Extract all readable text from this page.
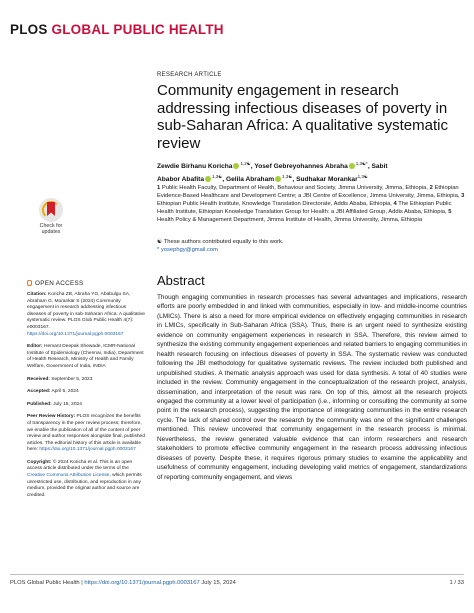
PLOS GLOBAL PUBLIC HEALTH
RESEARCH ARTICLE
Community engagement in research addressing infectious diseases of poverty in sub-Saharan Africa: A qualitative systematic review
Zewdie Birhanu Koricha $^{1,2☯}$, Yosef Gebreyohannes Abraha $^{1,3☯*}$, Sabit
Ababor Abafita $^{1,3☯}$, Gelila Abraham $^{1,3☯}$, Sudhakar Morankar$^{1,3☯}$
1 Public Health Faculty, Department of Health, Behaviour and Society, Jimma University, Jimma, Ethiopia, 2 Ethiopian Evidence-Based Healthcare and Development Centre; a JBI Centre of Excellence, Jimma University, Jimma, Ethiopia, 3 Ethiopian Public Health Institute, Knowledge Translation Directorate, Addis Ababa, Ethiopia, 4 The Ethiopian Public Health Institute, Ethiopian Knowledge Translation Group for Health: a JBI Affiliated Group, Addis Ababa, Ethiopia, 5 Health Policy & Management Department, Jimma Institute of Health, Jimma University, Jimma, Ethiopia
☯ These authors contributed equally to this work.
* yosephgy@gmail.com
Abstract
Though engaging communities in research processes has several advantages and implications, research efforts are poorly embedded in and linked with communities, especially in low- and middle-income countries (LMICs). There is also a need for more empirical evidence on effectively engaging communities in research in LMICs, specifically in Sub-Saharan Africa (SSA). Thus, there is an urgent need to synthesize existing evidence on community engagement experiences in research in SSA. Therefore, this review aimed to synthesize the existing community engagement experiences and related barriers to engaging communities in health research focusing on infectious diseases of poverty in SSA. The systematic review was conducted following the JBI methodology for qualitative systematic reviews. The review included both published and unpublished studies. A thematic analysis approach was used for data synthesis. A total of 40 studies were included in the review. Community engagement in the conceptualization of the research project, analysis, dissemination, and interpretation of the result was rare. On top of this, almost all the research projects engaged the community at a lower level of participation (i.e., informing or consulting the community at some point in the research process), suggesting the importance of integrating communities in the entire research cycle. The lack of shared control over the research by the community was one of the significant challenges mentioned. This review uncovered that community engagement in the research process is minimal. Nevertheless, the review generated valuable evidence that can inform researchers and research stakeholders to promote effective community engagement in the research process addressing infectious diseases of poverty. Despite these, it requires rigorous primary studies to examine the applicability and usefulness of community engagement, including developing valid metrics of engagement, standardizations of reporting community engagement, and views
Check for
updates
OPEN ACCESS

Citation: Koricha ZB, Abraha YG, Ababulgu SA, Abraham G, Morankar S (2024) Community engagement in research addressing infectious diseases of poverty in sub-Saharan Africa: A qualitative systematic review. PLOS Glob Public Health 4(7): e0003167. https://doi.org/10.1371/journal.pgph.0003167

Editor: Hemant Deepak Shewade, ICMR-National Institute of Epidemiology (Chennai, India), Department of Health Research, Ministry of Health and Family Welfare, Government of India, INDIA

Received: September 5, 2023

Accepted: April 5, 2024

Published: July 15, 2024

Peer Review History: PLOS recognizes the benefits of transparency in the peer review process; therefore, we enable the publication of all of the content of peer review and author responses alongside final, published articles. The editorial history of this article is available here: https://doi.org/10.1371/journal.pgph.0003167

Copyright: © 2024 Koricha et al. This is an open access article distributed under the terms of the Creative Commons Attribution License, which permits unrestricted use, distribution, and reproduction in any medium, provided the original author and source are credited.

PLOS Global Public Health | https://doi.org/10.1371/journal.pgph.0003167 July 15, 2024	1 / 33
